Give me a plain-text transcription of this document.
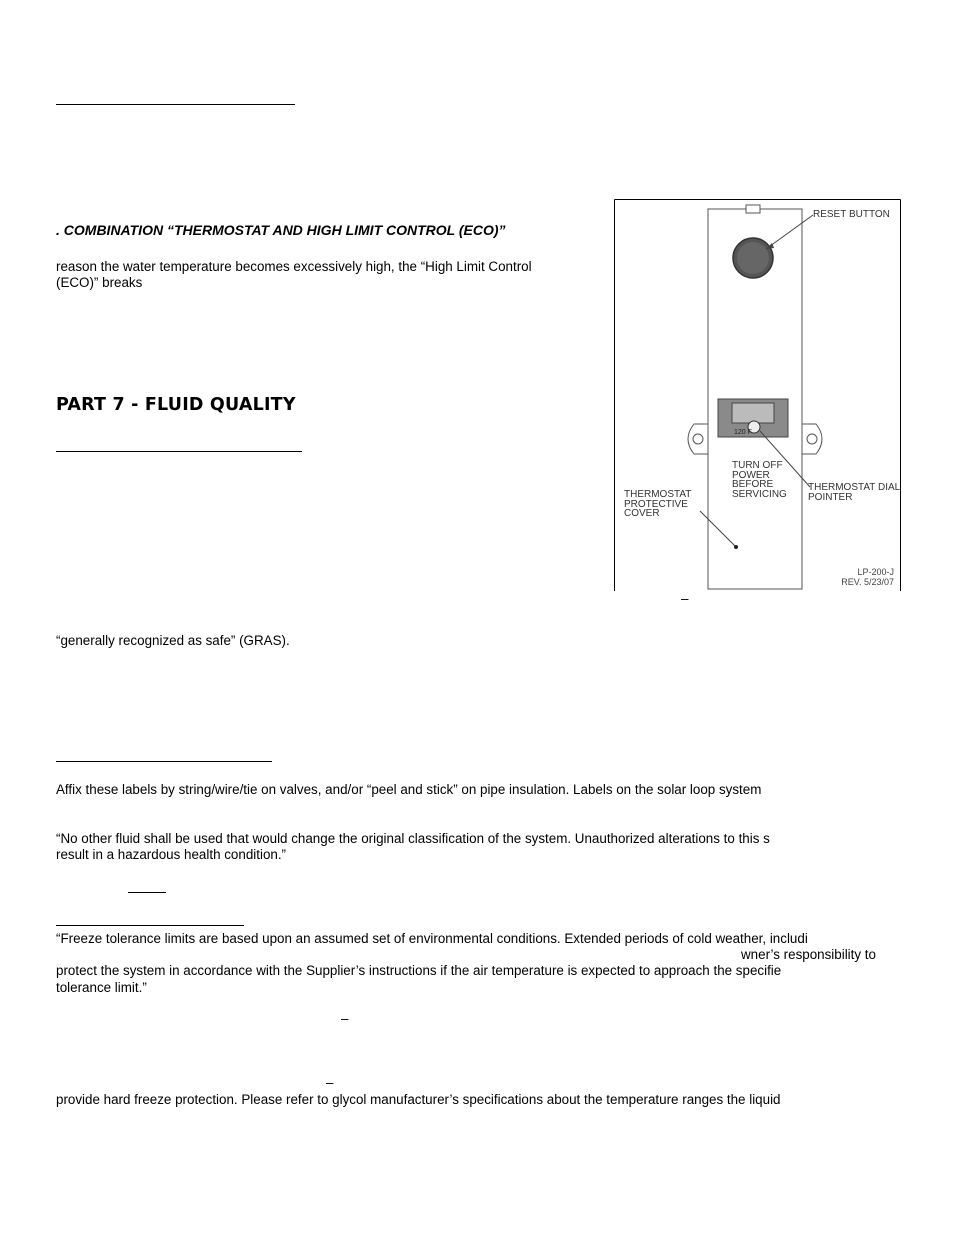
. COMBINATION “THERMOSTAT AND HIGH LIMIT CONTROL (ECO)”
reason the water temperature becomes excessively high, the “High Limit Control
(ECO)” breaks
PART 7 - FLUID QUALITY
RESET BUTTON
120 F
TURN OFF
POWER
BEFORE
SERVICING
THERMOSTAT DIAL
POINTER
THERMOSTAT
PROTECTIVE
COVER
LP-200-J
REV. 5/23/07
–
“generally recognized as safe” (GRAS).
Affix these labels by string/wire/tie on valves, and/or “peel and stick” on pipe insulation. Labels on the solar loop system
“No other fluid shall be used that would change the original classification of the system. Unauthorized alterations to this s
result in a hazardous health condition.”
“Freeze tolerance limits are based upon an assumed set of environmental conditions. Extended periods of cold weather, includi
wner’s responsibility to
protect the system in accordance with the Supplier’s instructions if the air temperature is expected to approach the specifie
tolerance limit.”
–
–
provide hard freeze protection. Please refer to glycol manufacturer’s specifications about the temperature ranges the liquid
